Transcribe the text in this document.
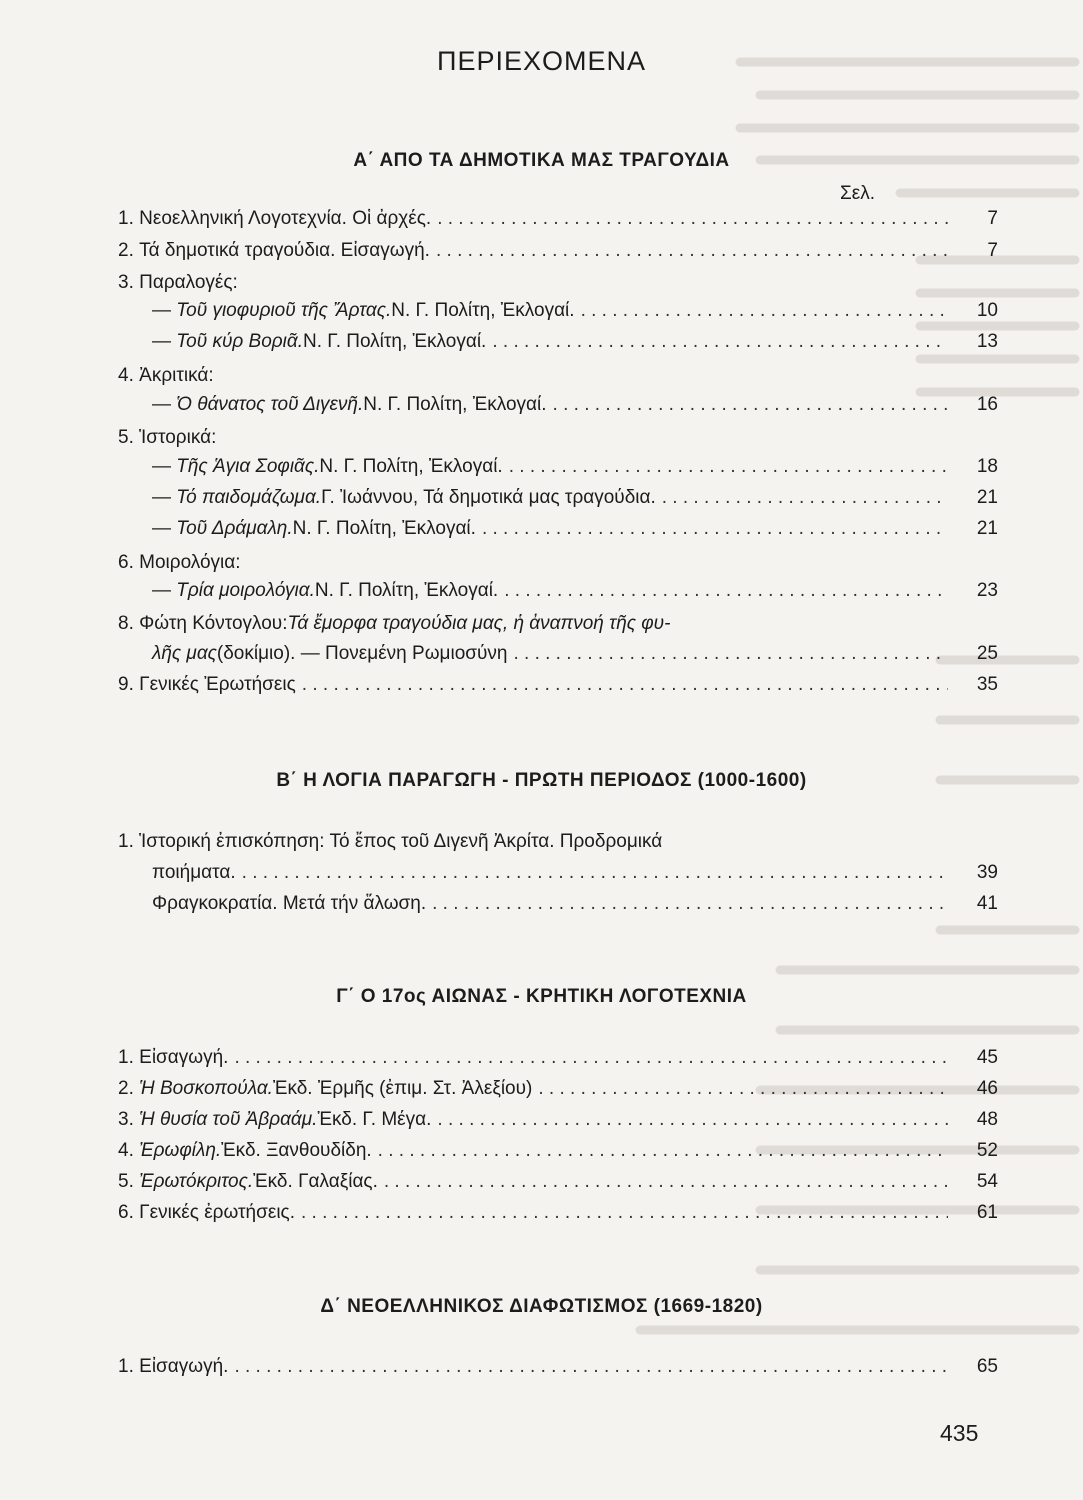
ΠΕΡΙΕΧΟΜΕΝΑ
Α΄ ΑΠΟ ΤΑ ΔΗΜΟΤΙΚΑ ΜΑΣ ΤΡΑΓΟΥΔΙΑ
Σελ.
1.
Νεοελληνική Λογοτεχνία. Οἱ ἀρχές. . . .	7
2.
Τά δημοτικά τραγούδια. Εἰσαγωγή. . . .	7
3.
Παραλογές:
—
Τοῦ γιοφυριοῦ τῆς Ἄρτας. Ν. Γ. Πολίτη, Ἐκλογαί. . . .	10
—
Τοῦ κύρ Βοριᾶ. Ν. Γ. Πολίτη, Ἐκλογαί. . . .	13
4.
Ἀκριτικά:
—
Ὁ θάνατος τοῦ Διγενῆ. Ν. Γ. Πολίτη, Ἐκλογαί. . . .	16
5.
Ἱστορικά:
—
Τῆς Ἁγια Σοφιᾶς. Ν. Γ. Πολίτη, Ἐκλογαί. . . .	18
—
Τό παιδομάζωμα. Γ. Ἰωάννου, Τά δημοτικά μας τραγούδια. . . .	21
—
Τοῦ Δράμαλη. Ν. Γ. Πολίτη, Ἐκλογαί. . . .	21
6.
Μοιρολόγια:
—
Τρία μοιρολόγια. Ν. Γ. Πολίτη, Ἐκλογαί. . . .	23
8.
Φώτη Κόντογλου: Τά ἔμορφα τραγούδια μας, ἡ ἀναπνοή τῆς φυ-
λῆς μας (δοκίμιο). — Πονεμένη Ρωμιοσύνη . . .	25
9.
Γενικές Ἐρωτήσεις . . .	35
Β΄ Η ΛΟΓΙΑ ΠΑΡΑΓΩΓΗ - ΠΡΩΤΗ ΠΕΡΙΟΔΟΣ (1000-1600)
1.
Ἱστορική ἐπισκόπηση: Τό ἔπος τοῦ Διγενῆ Ἀκρίτα. Προδρομικά
ποιήματα. . . .	39
Φραγκοκρατία. Μετά τήν ἅλωση. . . .	41
Γ΄ Ο 17ος ΑΙΩΝΑΣ - ΚΡΗΤΙΚΗ ΛΟΓΟΤΕΧΝΙΑ
1.
Εἰσαγωγή. . . .	45
2.
Ἡ Βοσκοπούλα. Ἐκδ. Ἐρμῆς (ἐπιμ. Στ. Ἀλεξίου) . . .	46
3.
Ἡ θυσία τοῦ Ἀβραάμ. Ἐκδ. Γ. Μέγα. . . .	48
4.
Ἐρωφίλη. Ἐκδ. Ξανθουδίδη. . . .	52
5.
Ἐρωτόκριτος. Ἐκδ. Γαλαξίας. . . .	54
6.
Γενικές ἐρωτήσεις. . . .	61
Δ΄ ΝΕΟΕΛΛΗΝΙΚΟΣ ΔΙΑΦΩΤΙΣΜΟΣ (1669-1820)
1.
Εἰσαγωγή. . . .	65
435
